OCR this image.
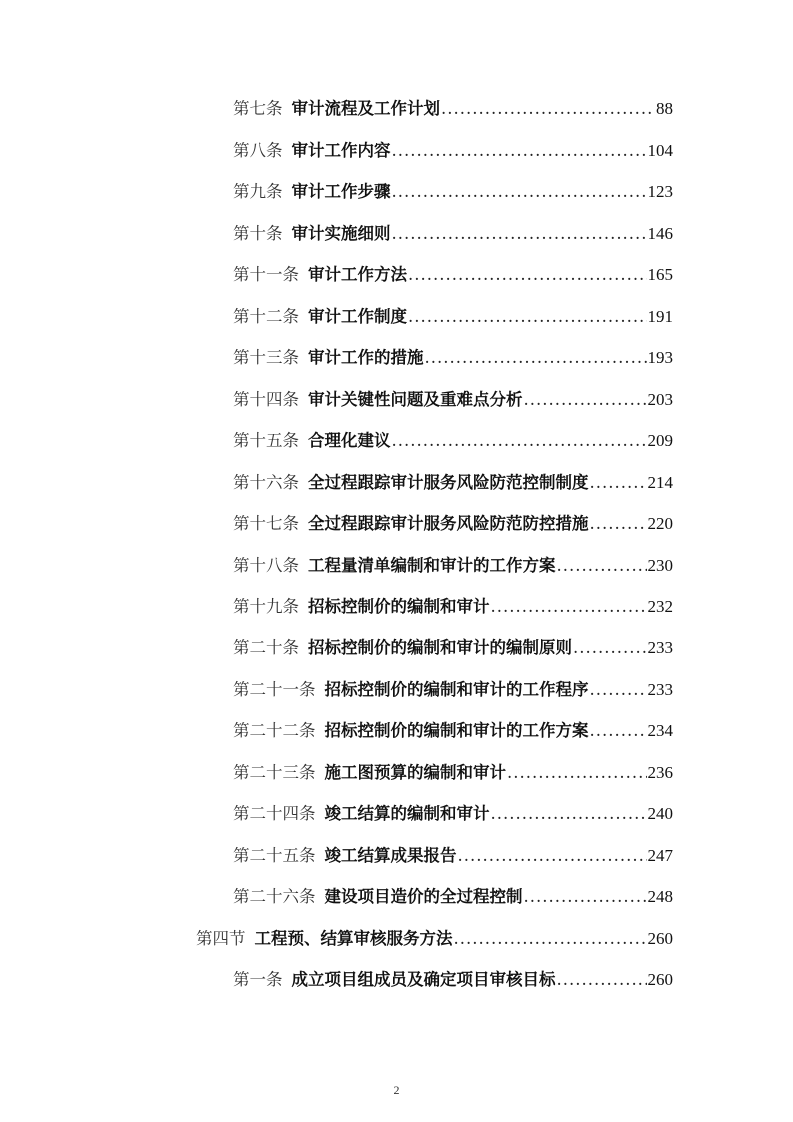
第七条 审计流程及工作计划 .....	88
第八条 审计工作内容 .....	104
第九条 审计工作步骤 .....	123
第十条 审计实施细则 .....	146
第十一条 审计工作方法 .....	165
第十二条 审计工作制度 .....	191
第十三条 审计工作的措施 .....	193
第十四条 审计关键性问题及重难点分析 .....	203
第十五条 合理化建议 .....	209
第十六条 全过程跟踪审计服务风险防范控制制度 .....	214
第十七条 全过程跟踪审计服务风险防范防控措施 .....	220
第十八条 工程量清单编制和审计的工作方案 .....	230
第十九条 招标控制价的编制和审计 .....	232
第二十条 招标控制价的编制和审计的编制原则 .....	233
第二十一条 招标控制价的编制和审计的工作程序 .....	233
第二十二条 招标控制价的编制和审计的工作方案 .....	234
第二十三条 施工图预算的编制和审计 .....	236
第二十四条 竣工结算的编制和审计 .....	240
第二十五条 竣工结算成果报告 .....	247
第二十六条 建设项目造价的全过程控制 .....	248
第四节 工程预、结算审核服务方法 .....	260
第一条 成立项目组成员及确定项目审核目标 .....	260
2
